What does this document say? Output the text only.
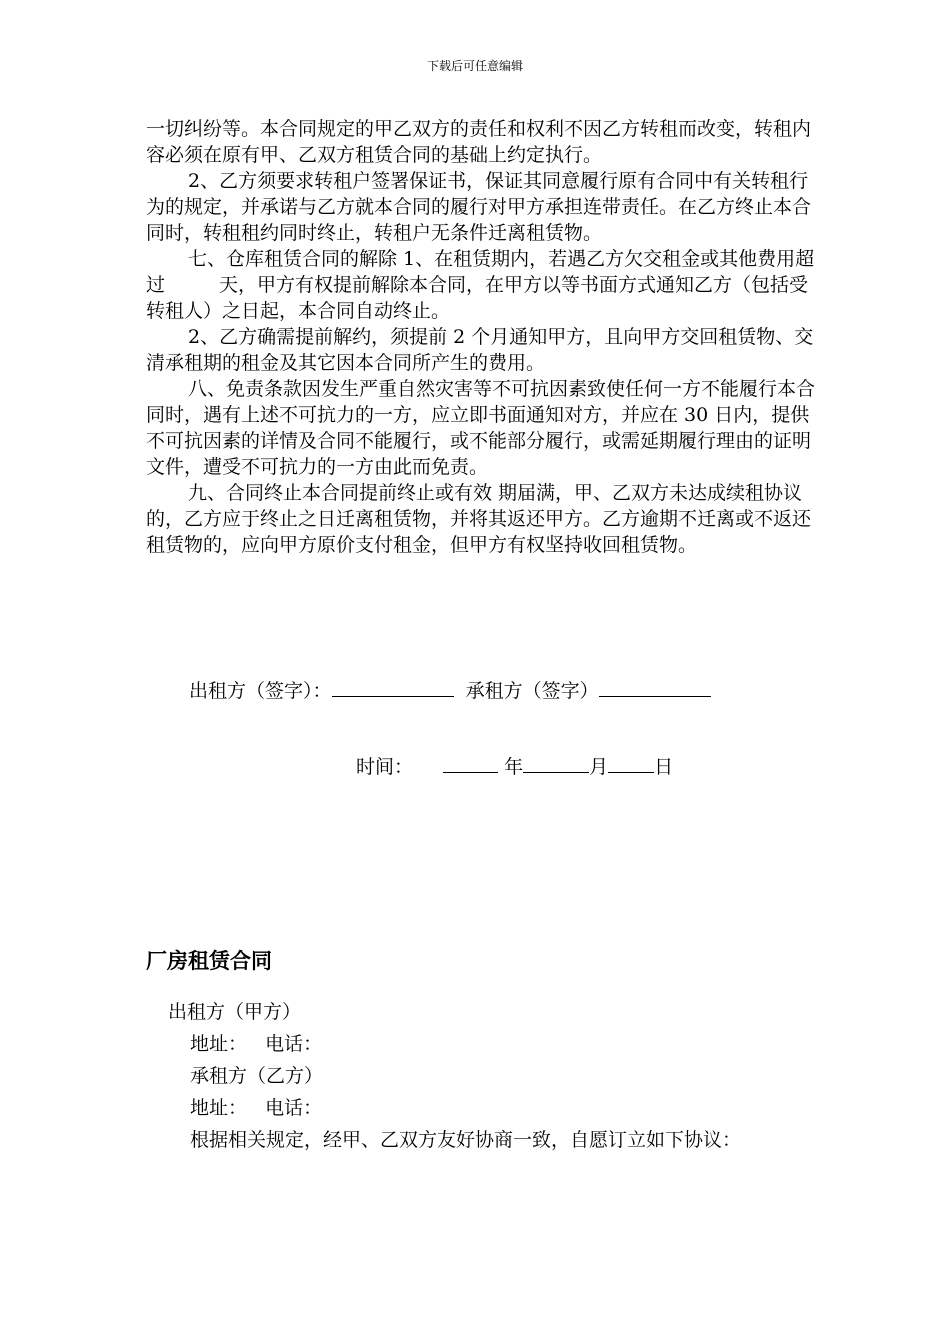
下载后可任意编辑

一切纠纷等。本合同规定的甲乙双方的责任和权利不因乙方转租而改变，转租内容必须在原有甲、乙双方租赁合同的基础上约定执行。

2、乙方须要求转租户签署保证书，保证其同意履行原有合同中有关转租行为的规定，并承诺与乙方就本合同的履行对甲方承担连带责任。在乙方终止本合同时，转租租约同时终止，转租户无条件迁离租赁物。

七、仓库租赁合同的解除 1、在租赁期内，若遇乙方欠交租金或其他费用超过	天，甲方有权提前解除本合同，在甲方以等书面方式通知乙方（包括受转租人）之日起，本合同自动终止。

2、乙方确需提前解约，须提前 2 个月通知甲方，且向甲方交回租赁物、交清承租期的租金及其它因本合同所产生的费用。

八、免责条款因发生严重自然灾害等不可抗因素致使任何一方不能履行本合同时，遇有上述不可抗力的一方，应立即书面通知对方，并应在 30 日内，提供不可抗因素的详情及合同不能履行，或不能部分履行，或需延期履行理由的证明文件，遭受不可抗力的一方由此而免责。

九、合同终止本合同提前终止或有效 期届满，甲、乙双方未达成续租协议的，乙方应于终止之日迁离租赁物，并将其返还甲方。乙方逾期不迁离或不返还租赁物的，应向甲方原价支付租金，但甲方有权坚持收回租赁物。

出租方（签字）：	承租方（签字）
时间：	年	月 日
厂房租赁合同

出租方（甲方）

地址：   电话：

承租方（乙方）

地址：   电话：

根据相关规定，经甲、乙双方友好协商一致，自愿订立如下协议：
